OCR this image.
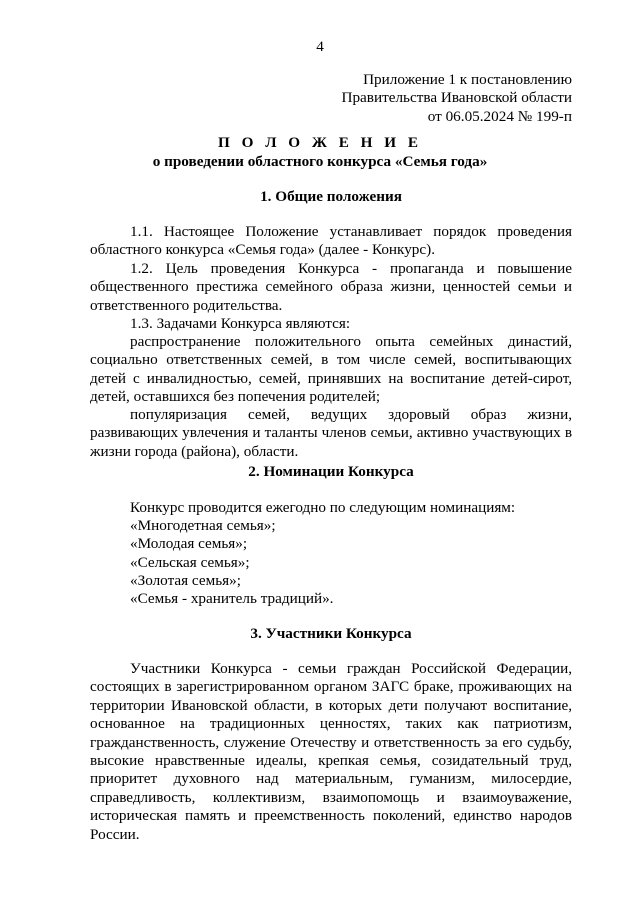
4
Приложение 1 к постановлению
Правительства Ивановской области
от 06.05.2024 № 199-п
П О Л О Ж Е Н И Е
о проведении областного конкурса «Семья года»
1. Общие положения

1.1. Настоящее Положение устанавливает порядок проведения областного конкурса «Семья года» (далее - Конкурс).

1.2. Цель проведения Конкурса - пропаганда и повышение общественного престижа семейного образа жизни, ценностей семьи и ответственного родительства.

1.3. Задачами Конкурса являются:

распространение положительного опыта семейных династий, социально ответственных семей, в том числе семей, воспитывающих детей с инвалидностью, семей, принявших на воспитание детей-сирот, детей, оставшихся без попечения родителей;

популяризация семей, ведущих здоровый образ жизни, развивающих увлечения и таланты членов семьи, активно участвующих в жизни города (района), области.

2. Номинации Конкурса
Конкурс проводится ежегодно по следующим номинациям:
«Многодетная семья»;
«Молодая семья»;
«Сельская семья»;
«Золотая семья»;
«Семья - хранитель традиций».
3. Участники Конкурса

Участники Конкурса - семьи граждан Российской Федерации, состоящих в зарегистрированном органом ЗАГС браке, проживающих на территории Ивановской области, в которых дети получают воспитание, основанное на традиционных ценностях, таких как патриотизм, гражданственность, служение Отечеству и ответственность за его судьбу, высокие нравственные идеалы, крепкая семья, созидательный труд, приоритет духовного над материальным, гуманизм, милосердие, справедливость, коллективизм, взаимопомощь и взаимоуважение, историческая память и преемственность поколений, единство народов России.
